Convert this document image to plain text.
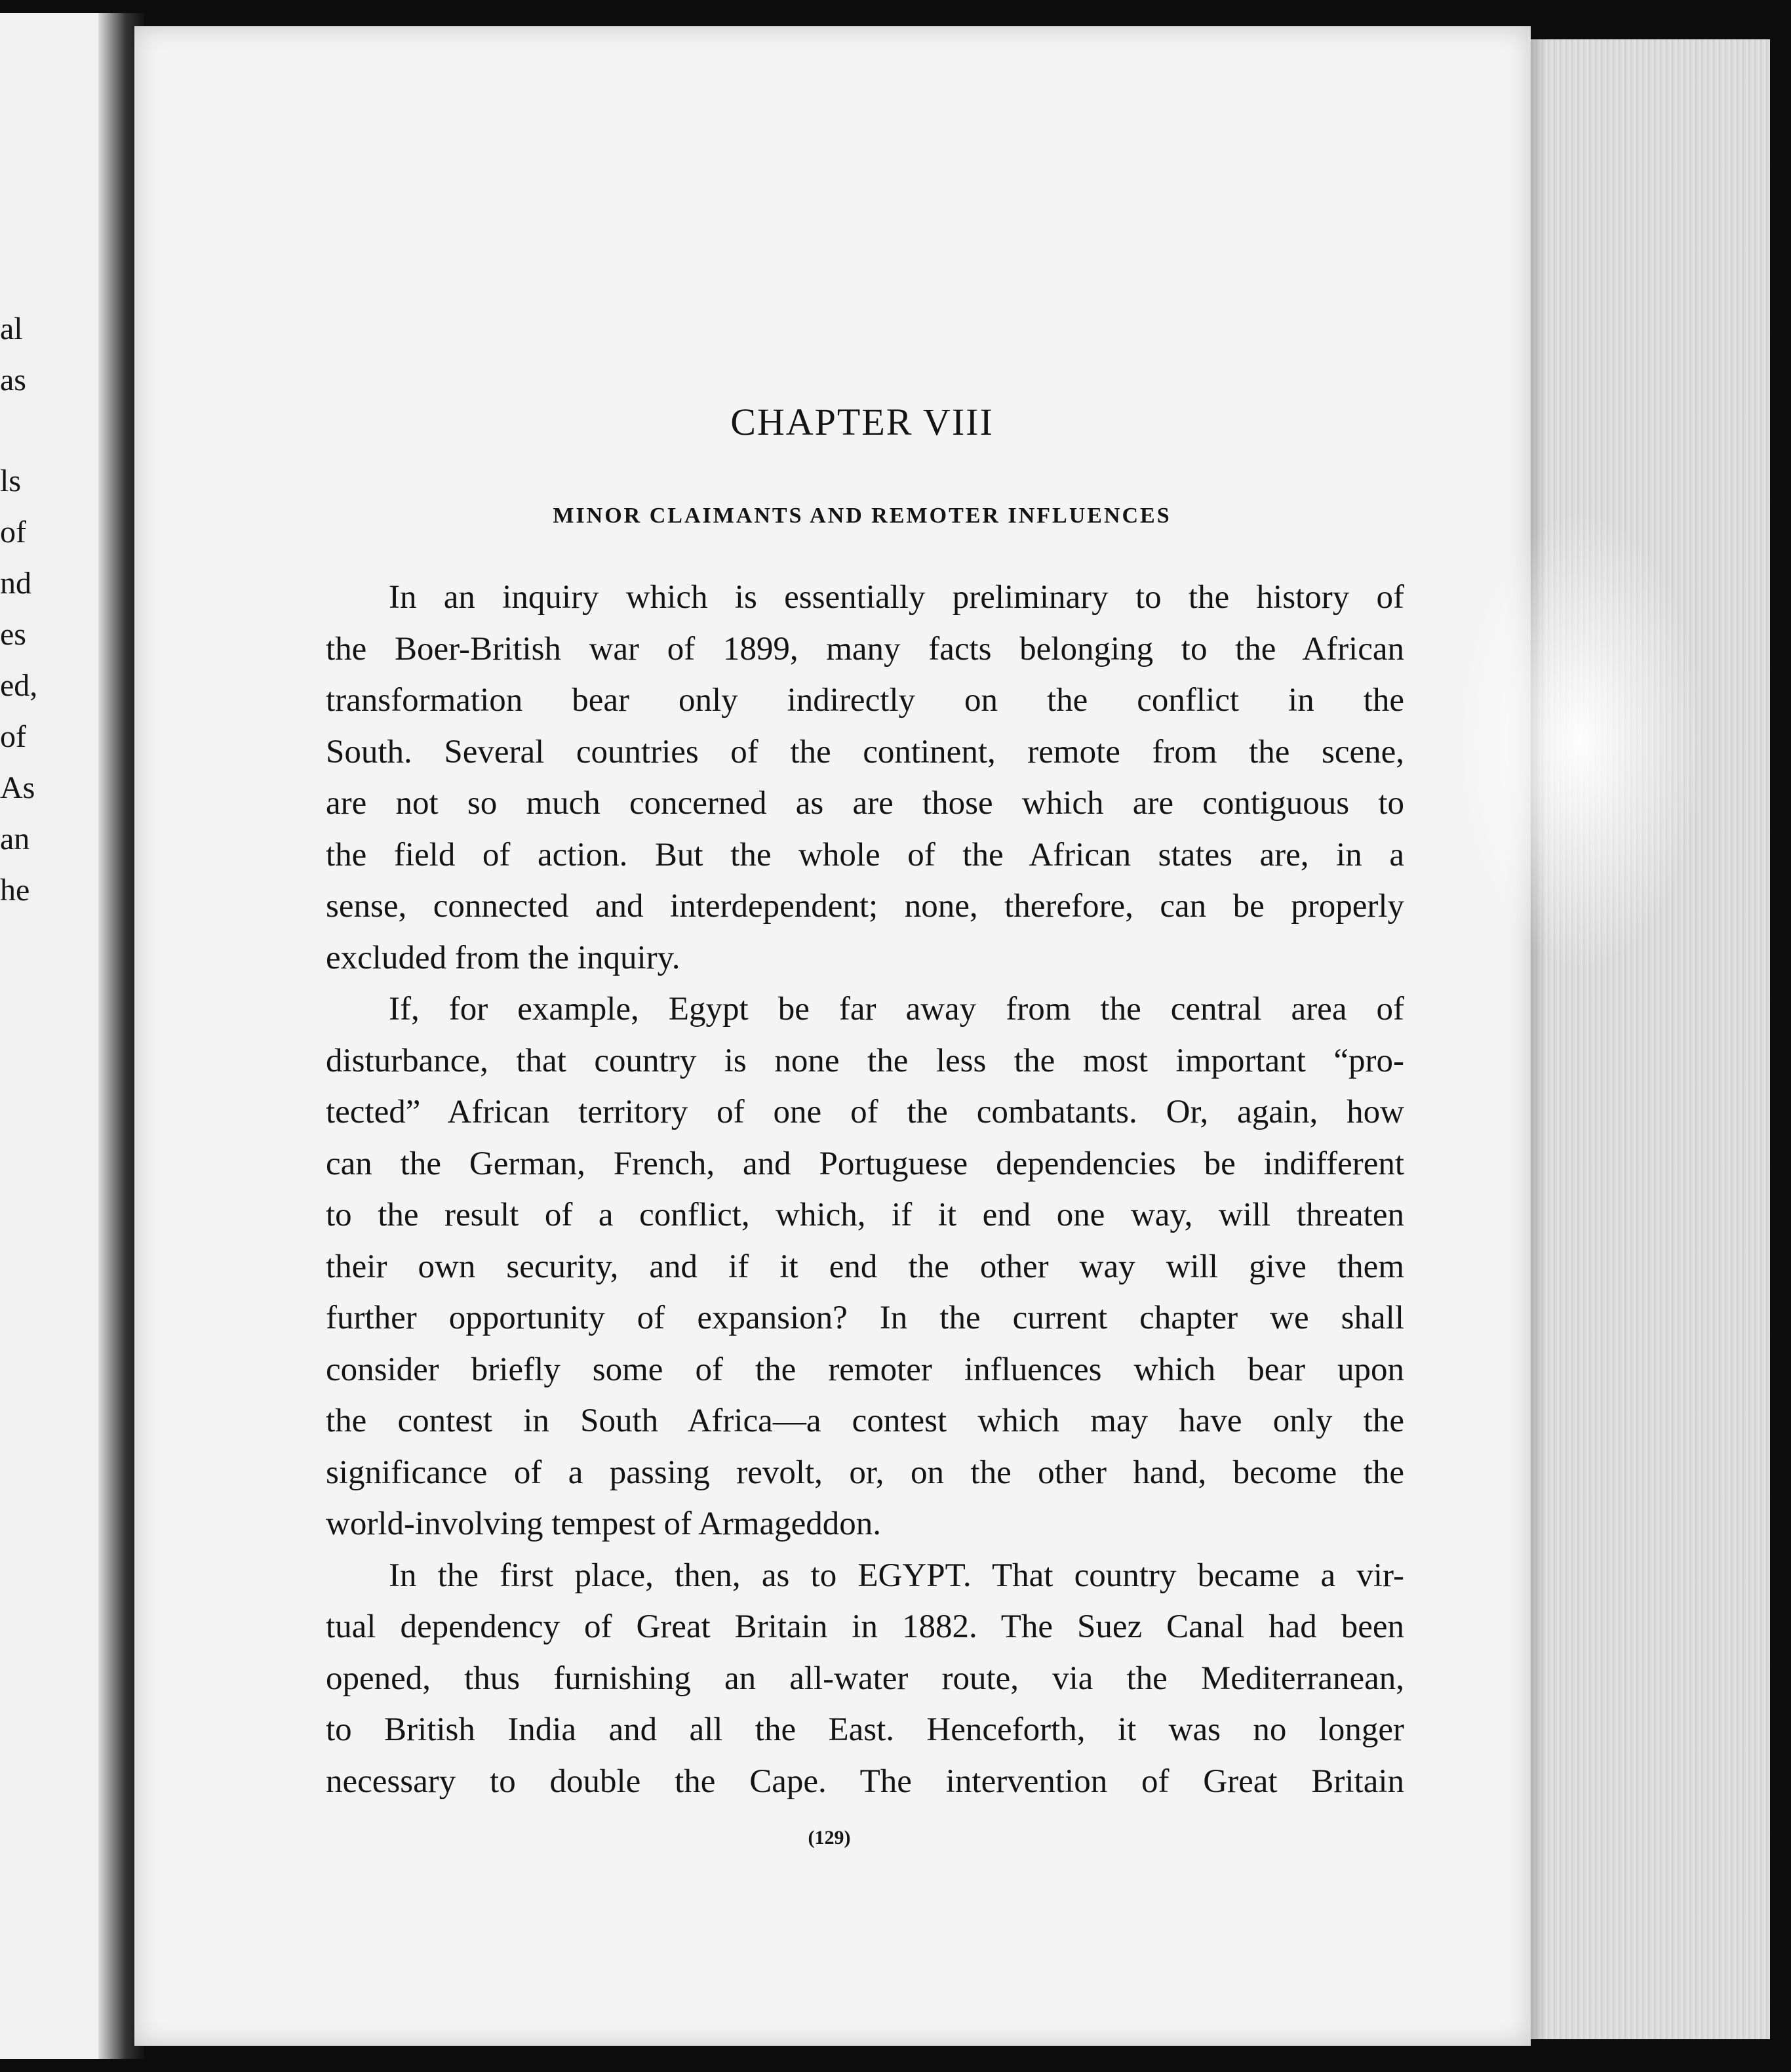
al
as
ls
of
nd
es
ed,
of
As
an
he
CHAPTER VIII
MINOR CLAIMANTS AND REMOTER INFLUENCES

In an inquiry which is essentially preliminary to the history of
the Boer-British war of 1899, many facts belonging to the African
transformation bear only indirectly on the conflict in the
South. Several countries of the continent, remote from the scene,
are not so much concerned as are those which are contiguous to
the field of action. But the whole of the African states are, in a
sense, connected and interdependent; none, therefore, can be properly
excluded from the inquiry.

If, for example, Egypt be far away from the central area of
disturbance, that country is none the less the most important “pro-
tected” African territory of one of the combatants. Or, again, how
can the German, French, and Portuguese dependencies be indifferent
to the result of a conflict, which, if it end one way, will threaten
their own security, and if it end the other way will give them
further opportunity of expansion? In the current chapter we shall
consider briefly some of the remoter influences which bear upon
the contest in South Africa—a contest which may have only the
significance of a passing revolt, or, on the other hand, become the
world-involving tempest of Armageddon.

In the first place, then, as to EGYPT. That country became a vir-
tual dependency of Great Britain in 1882. The Suez Canal had been
opened, thus furnishing an all-water route, via the Mediterranean,
to British India and all the East. Henceforth, it was no longer
necessary to double the Cape. The intervention of Great Britain

(129)
